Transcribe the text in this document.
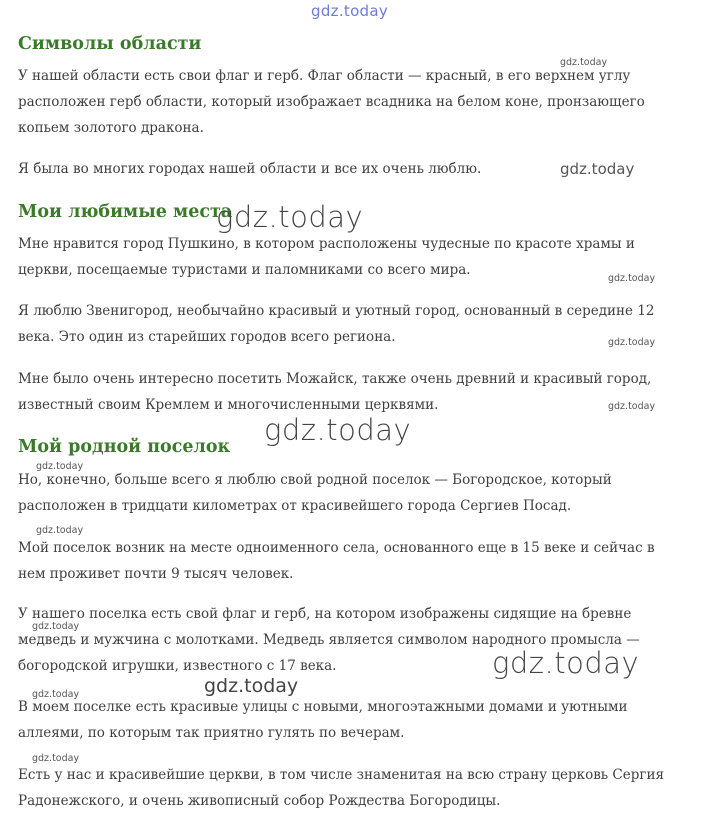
gdz.today
Символы области
gdz.today

У нашей области есть свои флаг и герб. Флаг области — красный, в его верхнем углу расположен герб области, который изображает всадника на белом коне, пронзающего копьем золотого дракона.

Я была во многих городах нашей области и все их очень люблю.	gdz.today
Мои любимые места
gdz.today

Мне нравится город Пушкино, в котором расположены чудесные по красоте храмы и церкви, посещаемые туристами и паломниками со всего мира.

gdz.today

Я люблю Звенигород, необычайно красивый и уютный город, основанный в середине 12 века. Это один из старейших городов всего региона.	gdz.today

Мне было очень интересно посетить Можайск, также очень древний и красивый город, известный своим Кремлем и многочисленными церквями.	gdz.today
Мой родной поселок gdz.today
gdz.today

Но, конечно, больше всего я люблю свой родной поселок — Богородское, который расположен в тридцати километрах от красивейшего города Сергиев Посад.

gdz.today

Мой поселок возник на месте одноименного села, основанного еще в 15 веке и сейчас в нем проживет почти 9 тысяч человек.

У нашего поселка есть свой флаг и герб, на котором изображены сидящие на бревне медведь и мужчина с молотками. Медведь является символом народного промысла — богородской игрушки, известного с 17 века.

gdz.today
gdz.today
gdz.today
gdz.today

В моем поселке есть красивые улицы с новыми, многоэтажными домами и уютными аллеями, по которым так приятно гулять по вечерам.

gdz.today

Есть у нас и красивейшие церкви, в том числе знаменитая на всю страну церковь Сергия Радонежского, и очень живописный собор Рождества Богородицы.
